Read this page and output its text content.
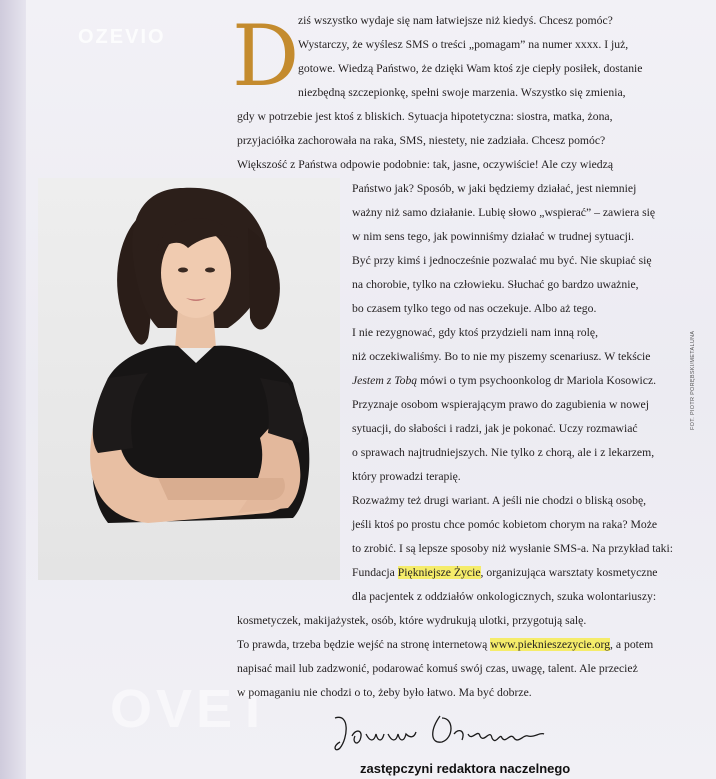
OZEVIO
OVET
D
FOT. PIOTR PORĘBSKI/METALUNA
ziś wszystko wydaje się nam łatwiejsze niż kiedyś. Chcesz pomóc?
Wystarczy, że wyślesz SMS o treści „pomagam” na numer xxxx. I już,
gotowe. Wiedzą Państwo, że dzięki Wam ktoś zje ciepły posiłek, dostanie
niezbędną szczepionkę, spełni swoje marzenia. Wszystko się zmienia,
gdy w potrzebie jest ktoś z bliskich. Sytuacja hipotetyczna: siostra, matka, żona,
przyjaciółka zachorowała na raka, SMS, niestety, nie zadziała. Chcesz pomóc?
Większość z Państwa odpowie podobnie: tak, jasne, oczywiście! Ale czy wiedzą
Państwo jak? Sposób, w jaki będziemy działać, jest niemniej
ważny niż samo działanie. Lubię słowo „wspierać” – zawiera się
w nim sens tego, jak powinniśmy działać w trudnej sytuacji.
Być przy kimś i jednocześnie pozwalać mu być. Nie skupiać się
na chorobie, tylko na człowieku. Słuchać go bardzo uważnie,
bo czasem tylko tego od nas oczekuje. Albo aż tego.
I nie rezygnować, gdy ktoś przydzieli nam inną rolę,
niż oczekiwaliśmy. Bo to nie my piszemy scenariusz. W tekście
Jestem z Tobą mówi o tym psychoonkolog dr Mariola Kosowicz.
Przyznaje osobom wspierającym prawo do zagubienia w nowej
sytuacji, do słabości i radzi, jak je pokonać. Uczy rozmawiać
o sprawach najtrudniejszych. Nie tylko z chorą, ale i z lekarzem,
który prowadzi terapię.
Rozważmy też drugi wariant. A jeśli nie chodzi o bliską osobę,
jeśli ktoś po prostu chce pomóc kobietom chorym na raka? Może
to zrobić. I są lepsze sposoby niż wysłanie SMS-a. Na przykład taki:
Fundacja Piękniejsze Życie, organizująca warsztaty kosmetyczne
dla pacjentek z oddziałów onkologicznych, szuka wolontariuszy:
kosmetyczek, makijażystek, osób, które wydrukują ulotki, przygotują salę.
To prawda, trzeba będzie wejść na stronę internetową www.pieknieszezycie.org, a potem
napisać mail lub zadzwonić, podarować komuś swój czas, uwagę, talent. Ale przecież
w pomaganiu nie chodzi o to, żeby było łatwo. Ma być dobrze.
zastępczyni redaktora naczelnego
